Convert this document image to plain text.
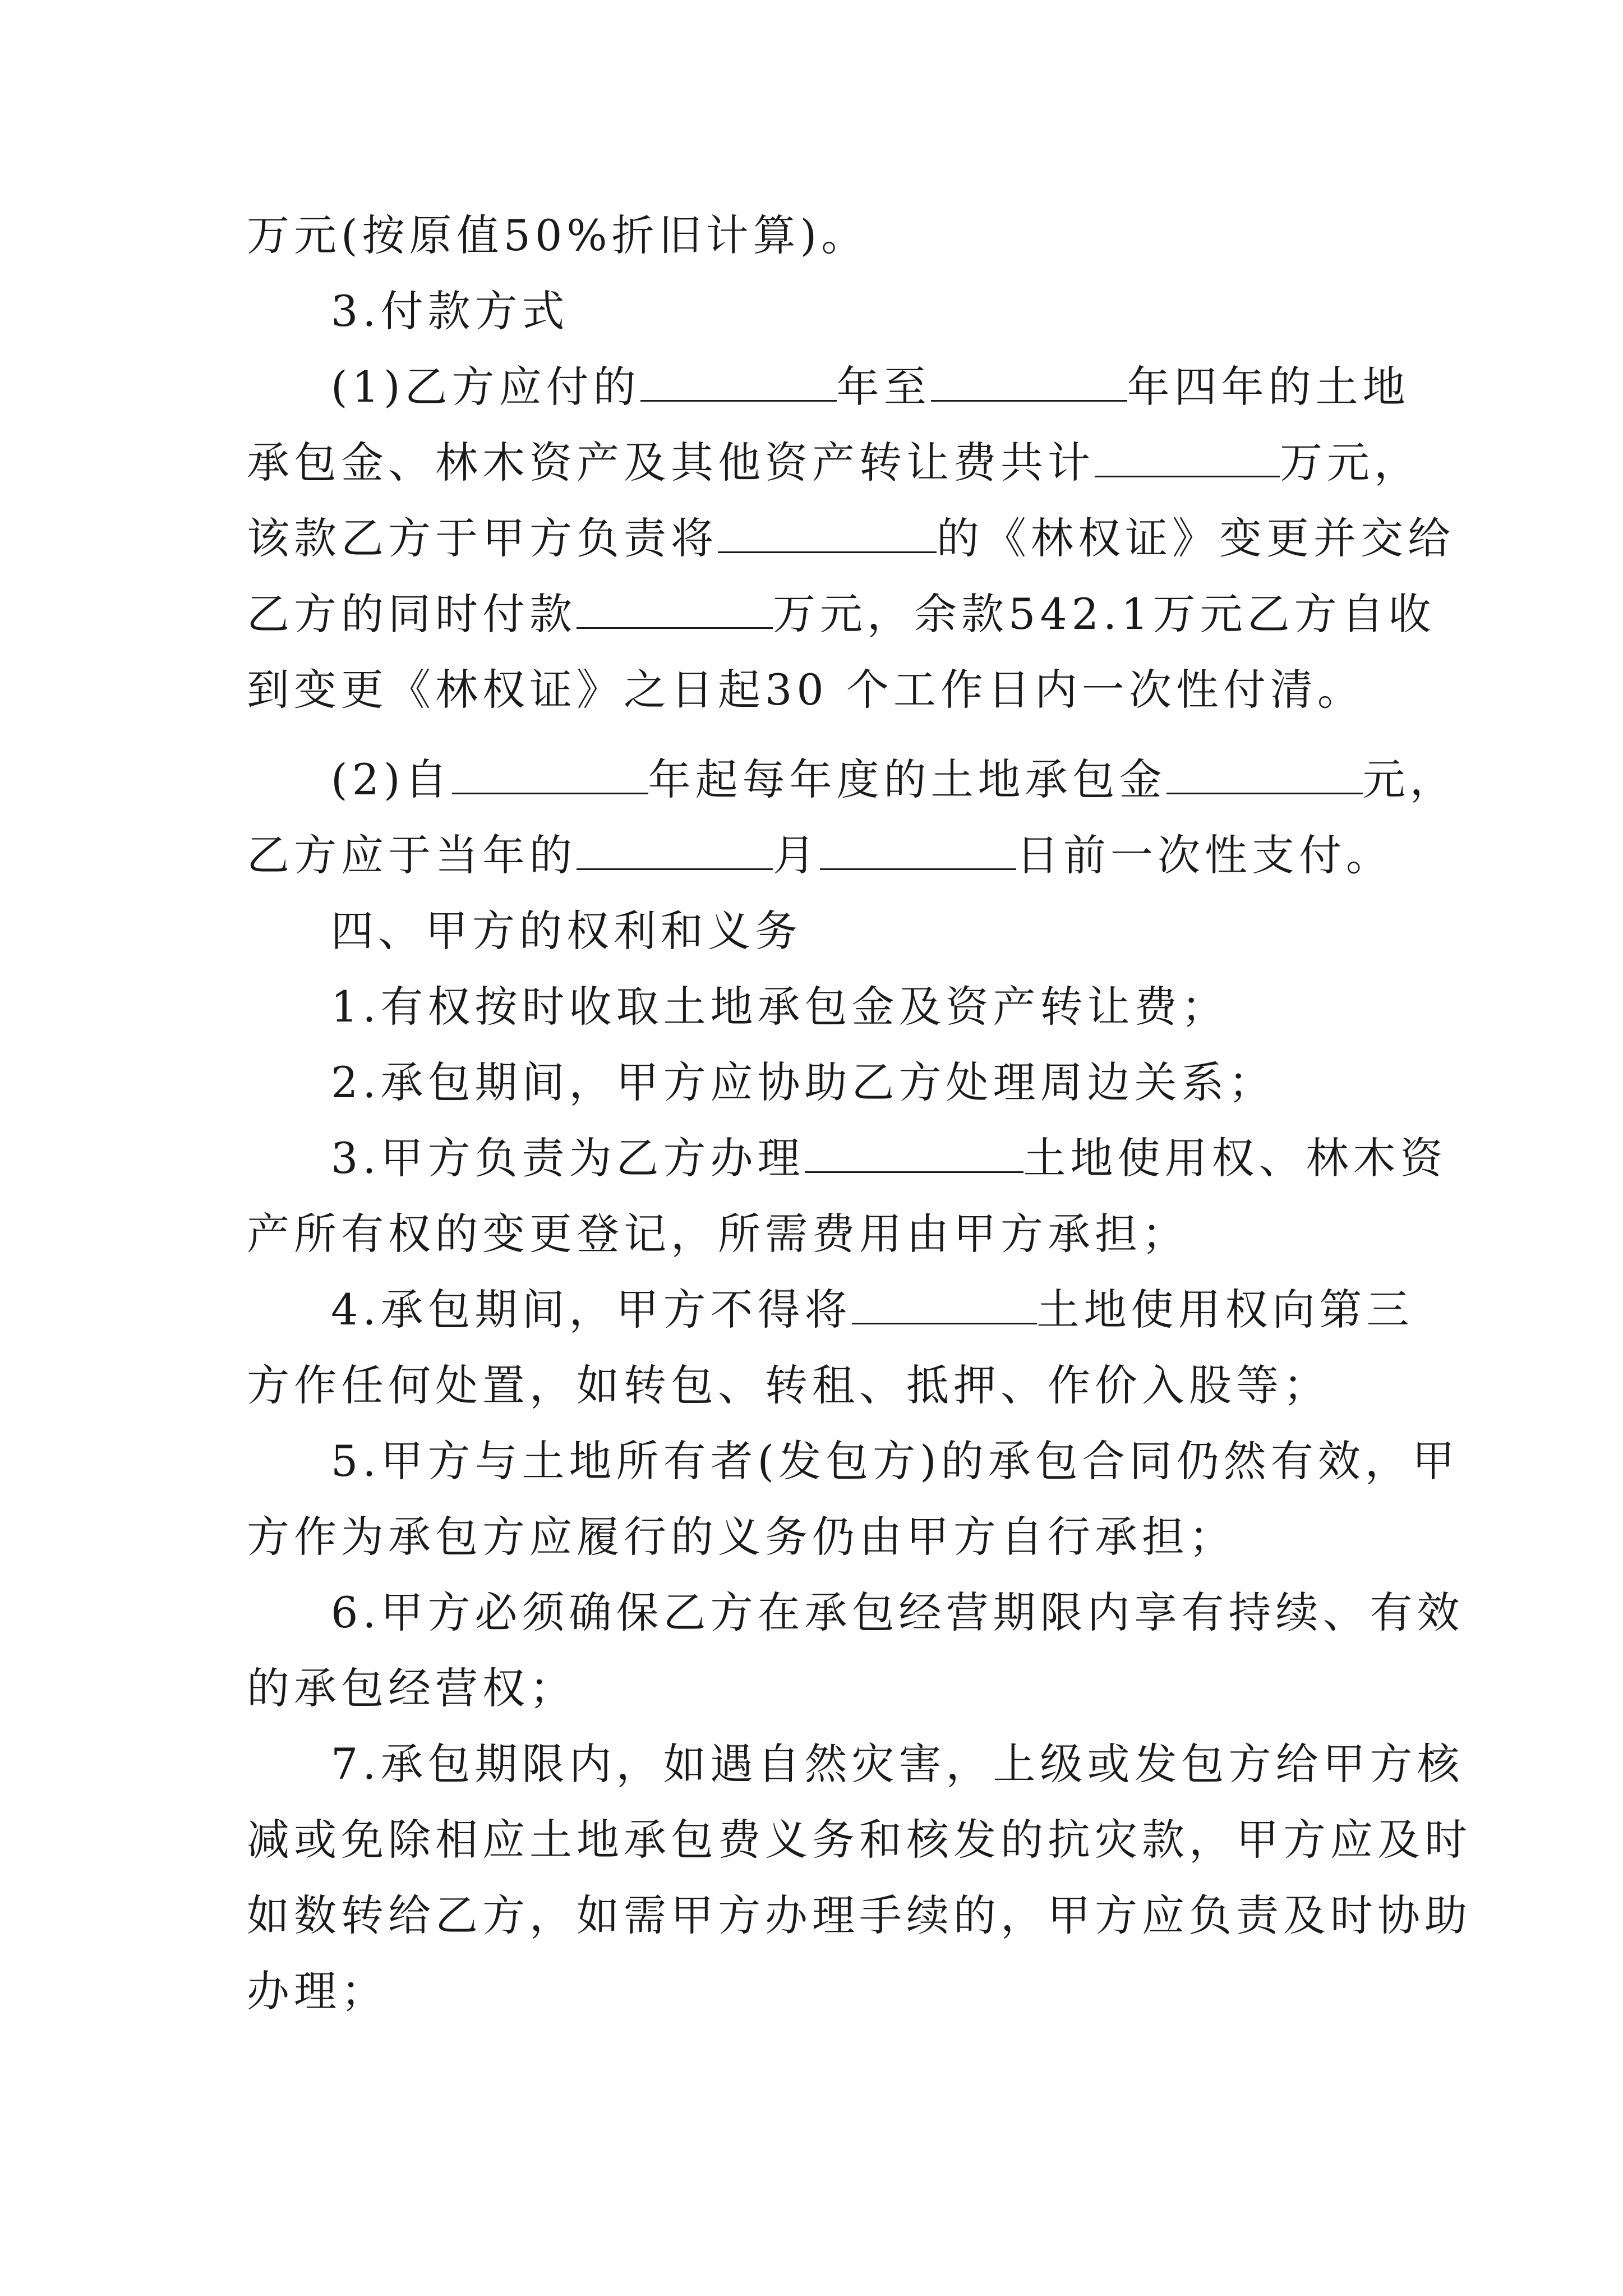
万元(按原值50%折旧计算)。
3.付款方式
(1)乙方应付的	年至	年四年的土地
承包金、林木资产及其他资产转让费共计	万元，
该款乙方于甲方负责将	的《林权证》变更并交给
乙方的同时付款	万元，余款542.1万元乙方自收
到变更《林权证》之日起30 个工作日内一次性付清。
(2)自	年起每年度的土地承包金	元，
乙方应于当年的	月	日前一次性支付。
四、甲方的权利和义务
1.有权按时收取土地承包金及资产转让费；
2.承包期间，甲方应协助乙方处理周边关系；
3.甲方负责为乙方办理	土地使用权、林木资
产所有权的变更登记，所需费用由甲方承担；
4.承包期间，甲方不得将	土地使用权向第三
方作任何处置，如转包、转租、抵押、作价入股等；
5.甲方与土地所有者(发包方)的承包合同仍然有效，甲
方作为承包方应履行的义务仍由甲方自行承担；
6.甲方必须确保乙方在承包经营期限内享有持续、有效
的承包经营权；
7.承包期限内，如遇自然灾害，上级或发包方给甲方核
减或免除相应土地承包费义务和核发的抗灾款，甲方应及时
如数转给乙方，如需甲方办理手续的，甲方应负责及时协助
办理；
